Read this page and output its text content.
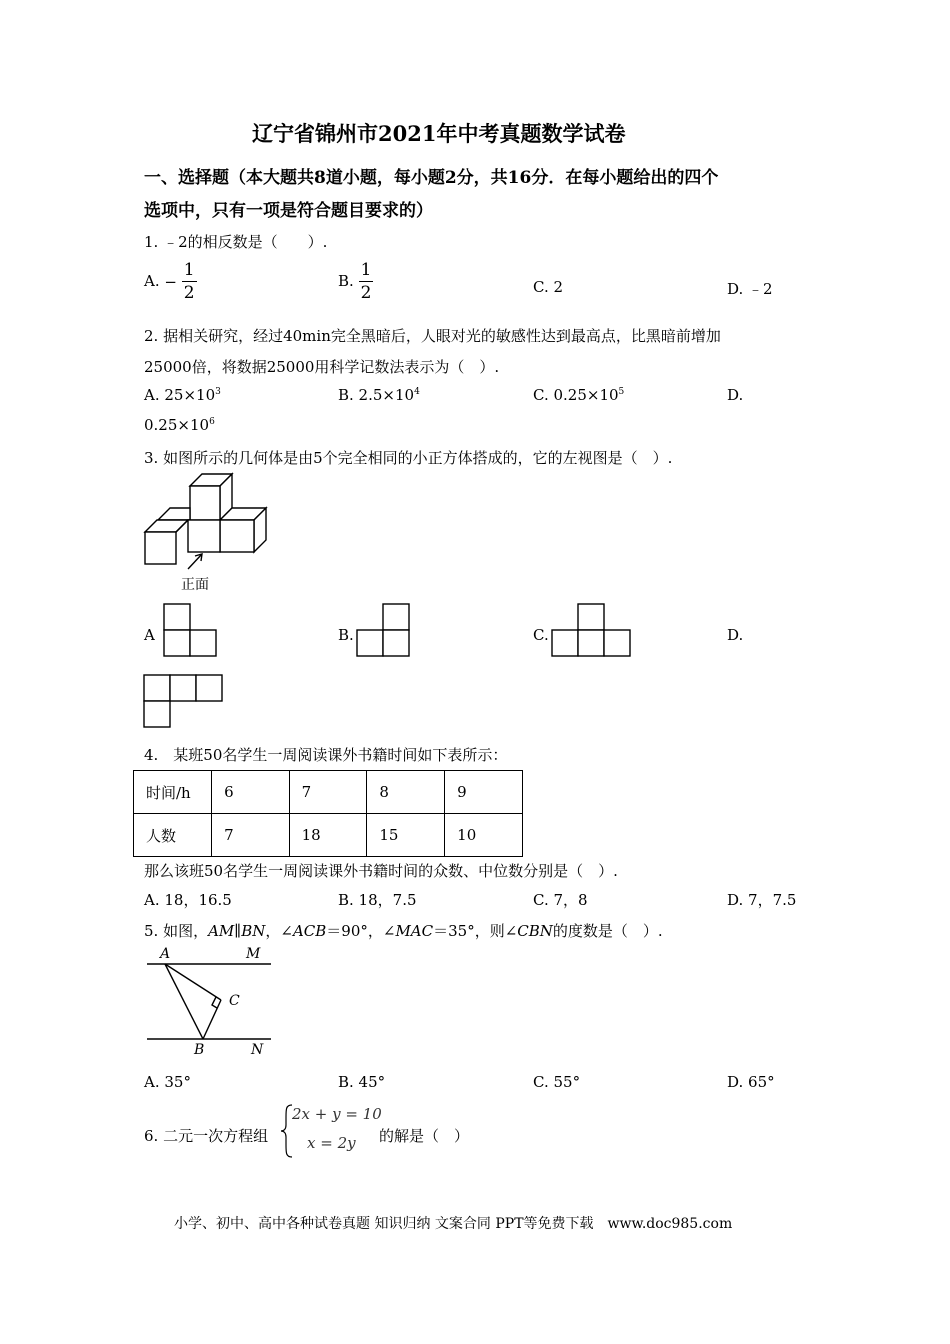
辽宁省锦州市2021年中考真题数学试卷
一、选择题（本大题共8道小题，每小题2分，共16分．在每小题给出的四个
选项中，只有一项是符合题目要求的）
1. ﹣2的相反数是（　　）.
A. − $\frac{1}{2}$	B. $\frac{1}{2}$	C. 2	D. ﹣2
2. 据相关研究，经过40min完全黑暗后，人眼对光的敏感性达到最高点，比黑暗前增加
25000倍，将数据25000用科学记数法表示为（　）.
A. $25\times 10^3$	B. $2.5\times 10^4$	C. $0.25\times 10^5$	D.
$0.25\times 10^6$
3. 如图所示的几何体是由5个完全相同的小正方体搭成的，它的左视图是（　）.
正面
A	B.	C.	D.
4.　某班50名学生一周阅读课外书籍时间如下表所示：
时间/h	6	7	8	9
人数	7	18	15	10
那么该班50名学生一周阅读课外书籍时间的众数、中位数分别是（　）.
A. 18，16.5	B. 18，7.5	C. 7，8	D. 7，7.5
5. 如图，AM∥BN，∠ACB＝90°，∠MAC＝35°，则∠CBN的度数是（　）.
A	M
C
B	N
A. 35°	B. 45°	C. 55°	D. 65°
6. 二元一次方程组
2x + y = 10
x = 2y 的解是（　）
小学、初中、高中各种试卷真题 知识归纳 文案合同 PPT等免费下载　www.doc985.com
